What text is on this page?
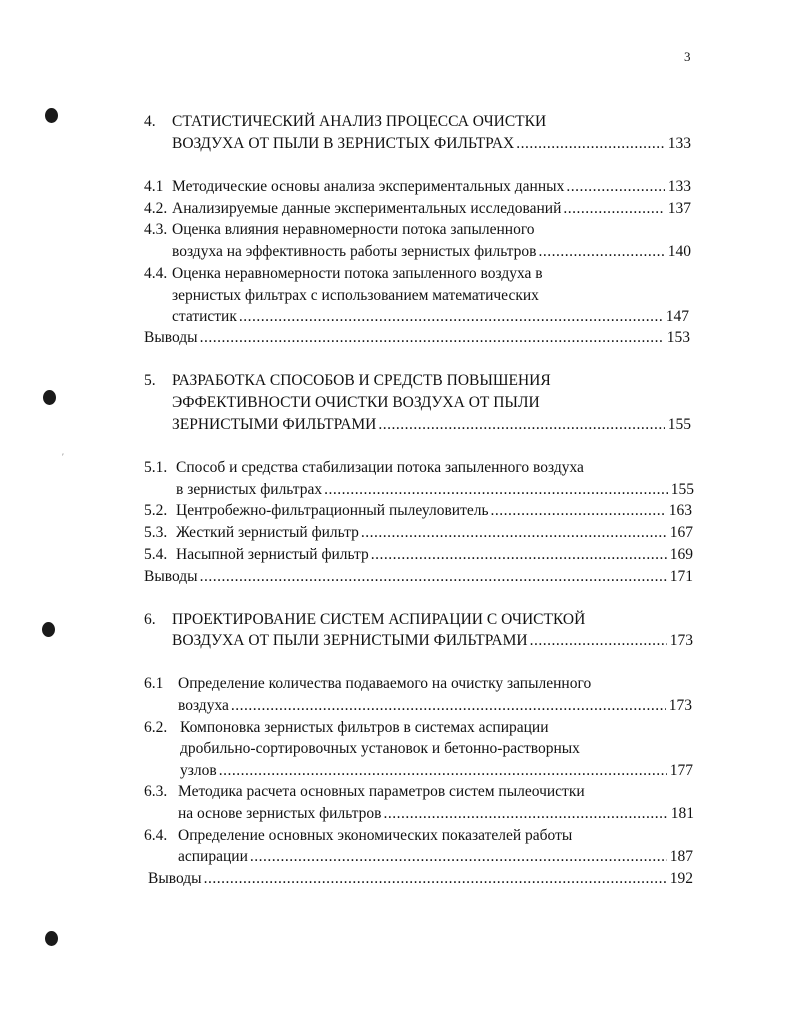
3
′
4. СТАТИСТИЧЕСКИЙ АНАЛИЗ ПРОЦЕССА ОЧИСТКИ
ВОЗДУХА ОТ ПЫЛИ В ЗЕРНИСТЫХ ФИЛЬТРАХ .....	133
4.1 Методические основы анализа экспериментальных данных .....	133
4.2. Анализируемые данные экспериментальных исследований .....	137
4.3. Оценка влияния неравномерности потока запыленного
воздуха на эффективность работы зернистых фильтров .....	140
4.4. Оценка неравномерности потока запыленного воздуха в
зернистых фильтрах с использованием математических
статистик .....	147
Выводы .....	153
5. РАЗРАБОТКА СПОСОБОВ И СРЕДСТВ ПОВЫШЕНИЯ
ЭФФЕКТИВНОСТИ ОЧИСТКИ ВОЗДУХА ОТ ПЫЛИ
ЗЕРНИСТЫМИ ФИЛЬТРАМИ .....	155
5.1. Способ и средства стабилизации потока запыленного воздуха
в зернистых фильтрах .....	155
5.2. Центробежно-фильтрационный пылеуловитель .....	163
5.3. Жесткий зернистый фильтр .....	167
5.4. Насыпной зернистый фильтр .....	169
Выводы .....	171
6. ПРОЕКТИРОВАНИЕ СИСТЕМ АСПИРАЦИИ С ОЧИСТКОЙ
ВОЗДУХА ОТ ПЫЛИ ЗЕРНИСТЫМИ ФИЛЬТРАМИ .....	173
6.1 Определение количества подаваемого на очистку запыленного
воздуха .....	173
6.2. Компоновка зернистых фильтров в системах аспирации
дробильно-сортировочных установок и бетонно-растворных
узлов .....	177
6.3. Методика расчета основных параметров систем пылеочистки
на основе зернистых фильтров .....	181
6.4. Определение основных экономических показателей работы
аспирации .....	187
Выводы .....	192
